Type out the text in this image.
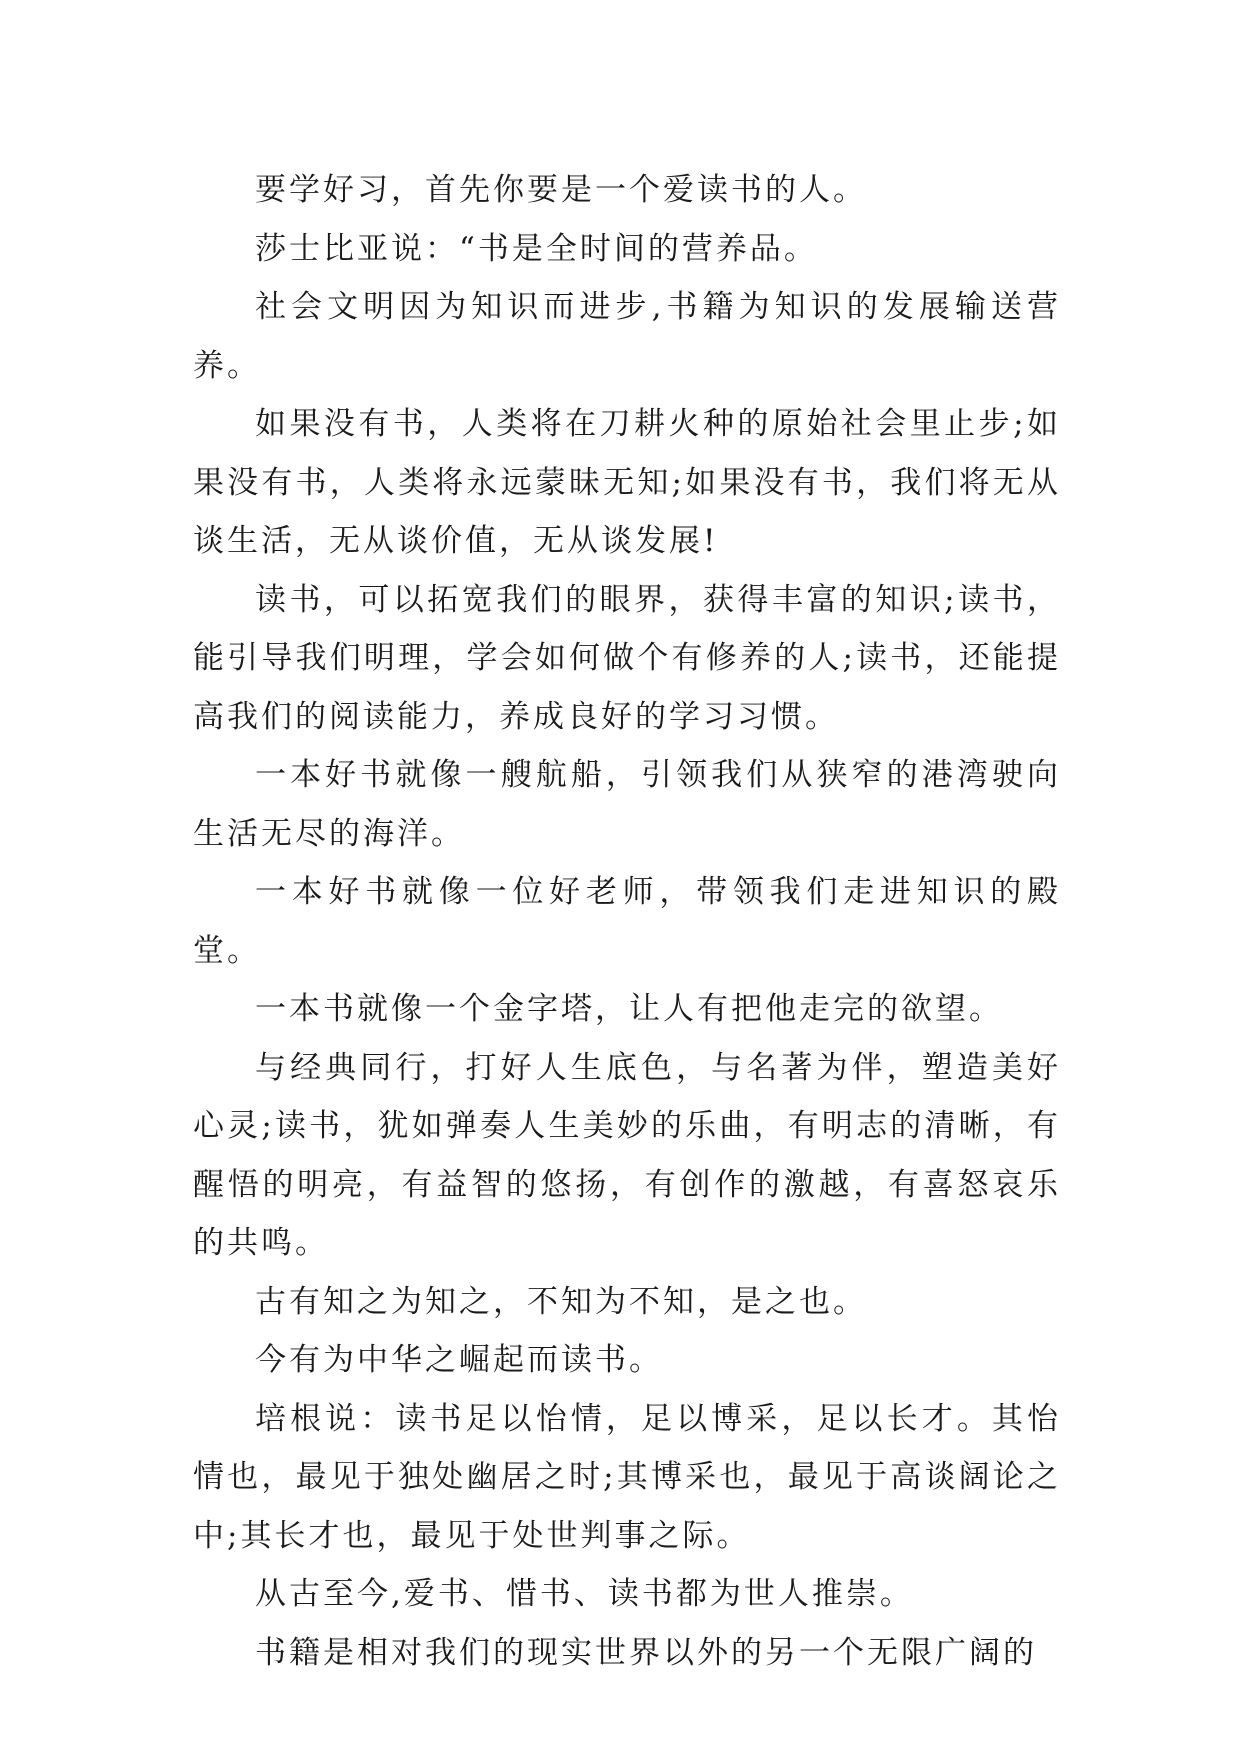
要学好习，首先你要是一个爱读书的人。

莎士比亚说：“书是全时间的营养品。

社会文明因为知识而进步,书籍为知识的发展输送营养。

如果没有书，人类将在刀耕火种的原始社会里止步;如果没有书，人类将永远蒙昧无知;如果没有书，我们将无从谈生活，无从谈价值，无从谈发展!

读书，可以拓宽我们的眼界，获得丰富的知识;读书，能引导我们明理，学会如何做个有修养的人;读书，还能提高我们的阅读能力，养成良好的学习习惯。

一本好书就像一艘航船，引领我们从狭窄的港湾驶向生活无尽的海洋。

一本好书就像一位好老师，带领我们走进知识的殿堂。

一本书就像一个金字塔，让人有把他走完的欲望。

与经典同行，打好人生底色，与名著为伴，塑造美好心灵;读书，犹如弹奏人生美妙的乐曲，有明志的清晰，有醒悟的明亮，有益智的悠扬，有创作的激越，有喜怒哀乐的共鸣。

古有知之为知之，不知为不知，是之也。

今有为中华之崛起而读书。

培根说：读书足以怡情，足以博采，足以长才。其怡情也，最见于独处幽居之时;其博采也，最见于高谈阔论之中;其长才也，最见于处世判事之际。

从古至今,爱书、惜书、读书都为世人推崇。

书籍是相对我们的现实世界以外的另一个无限广阔的
